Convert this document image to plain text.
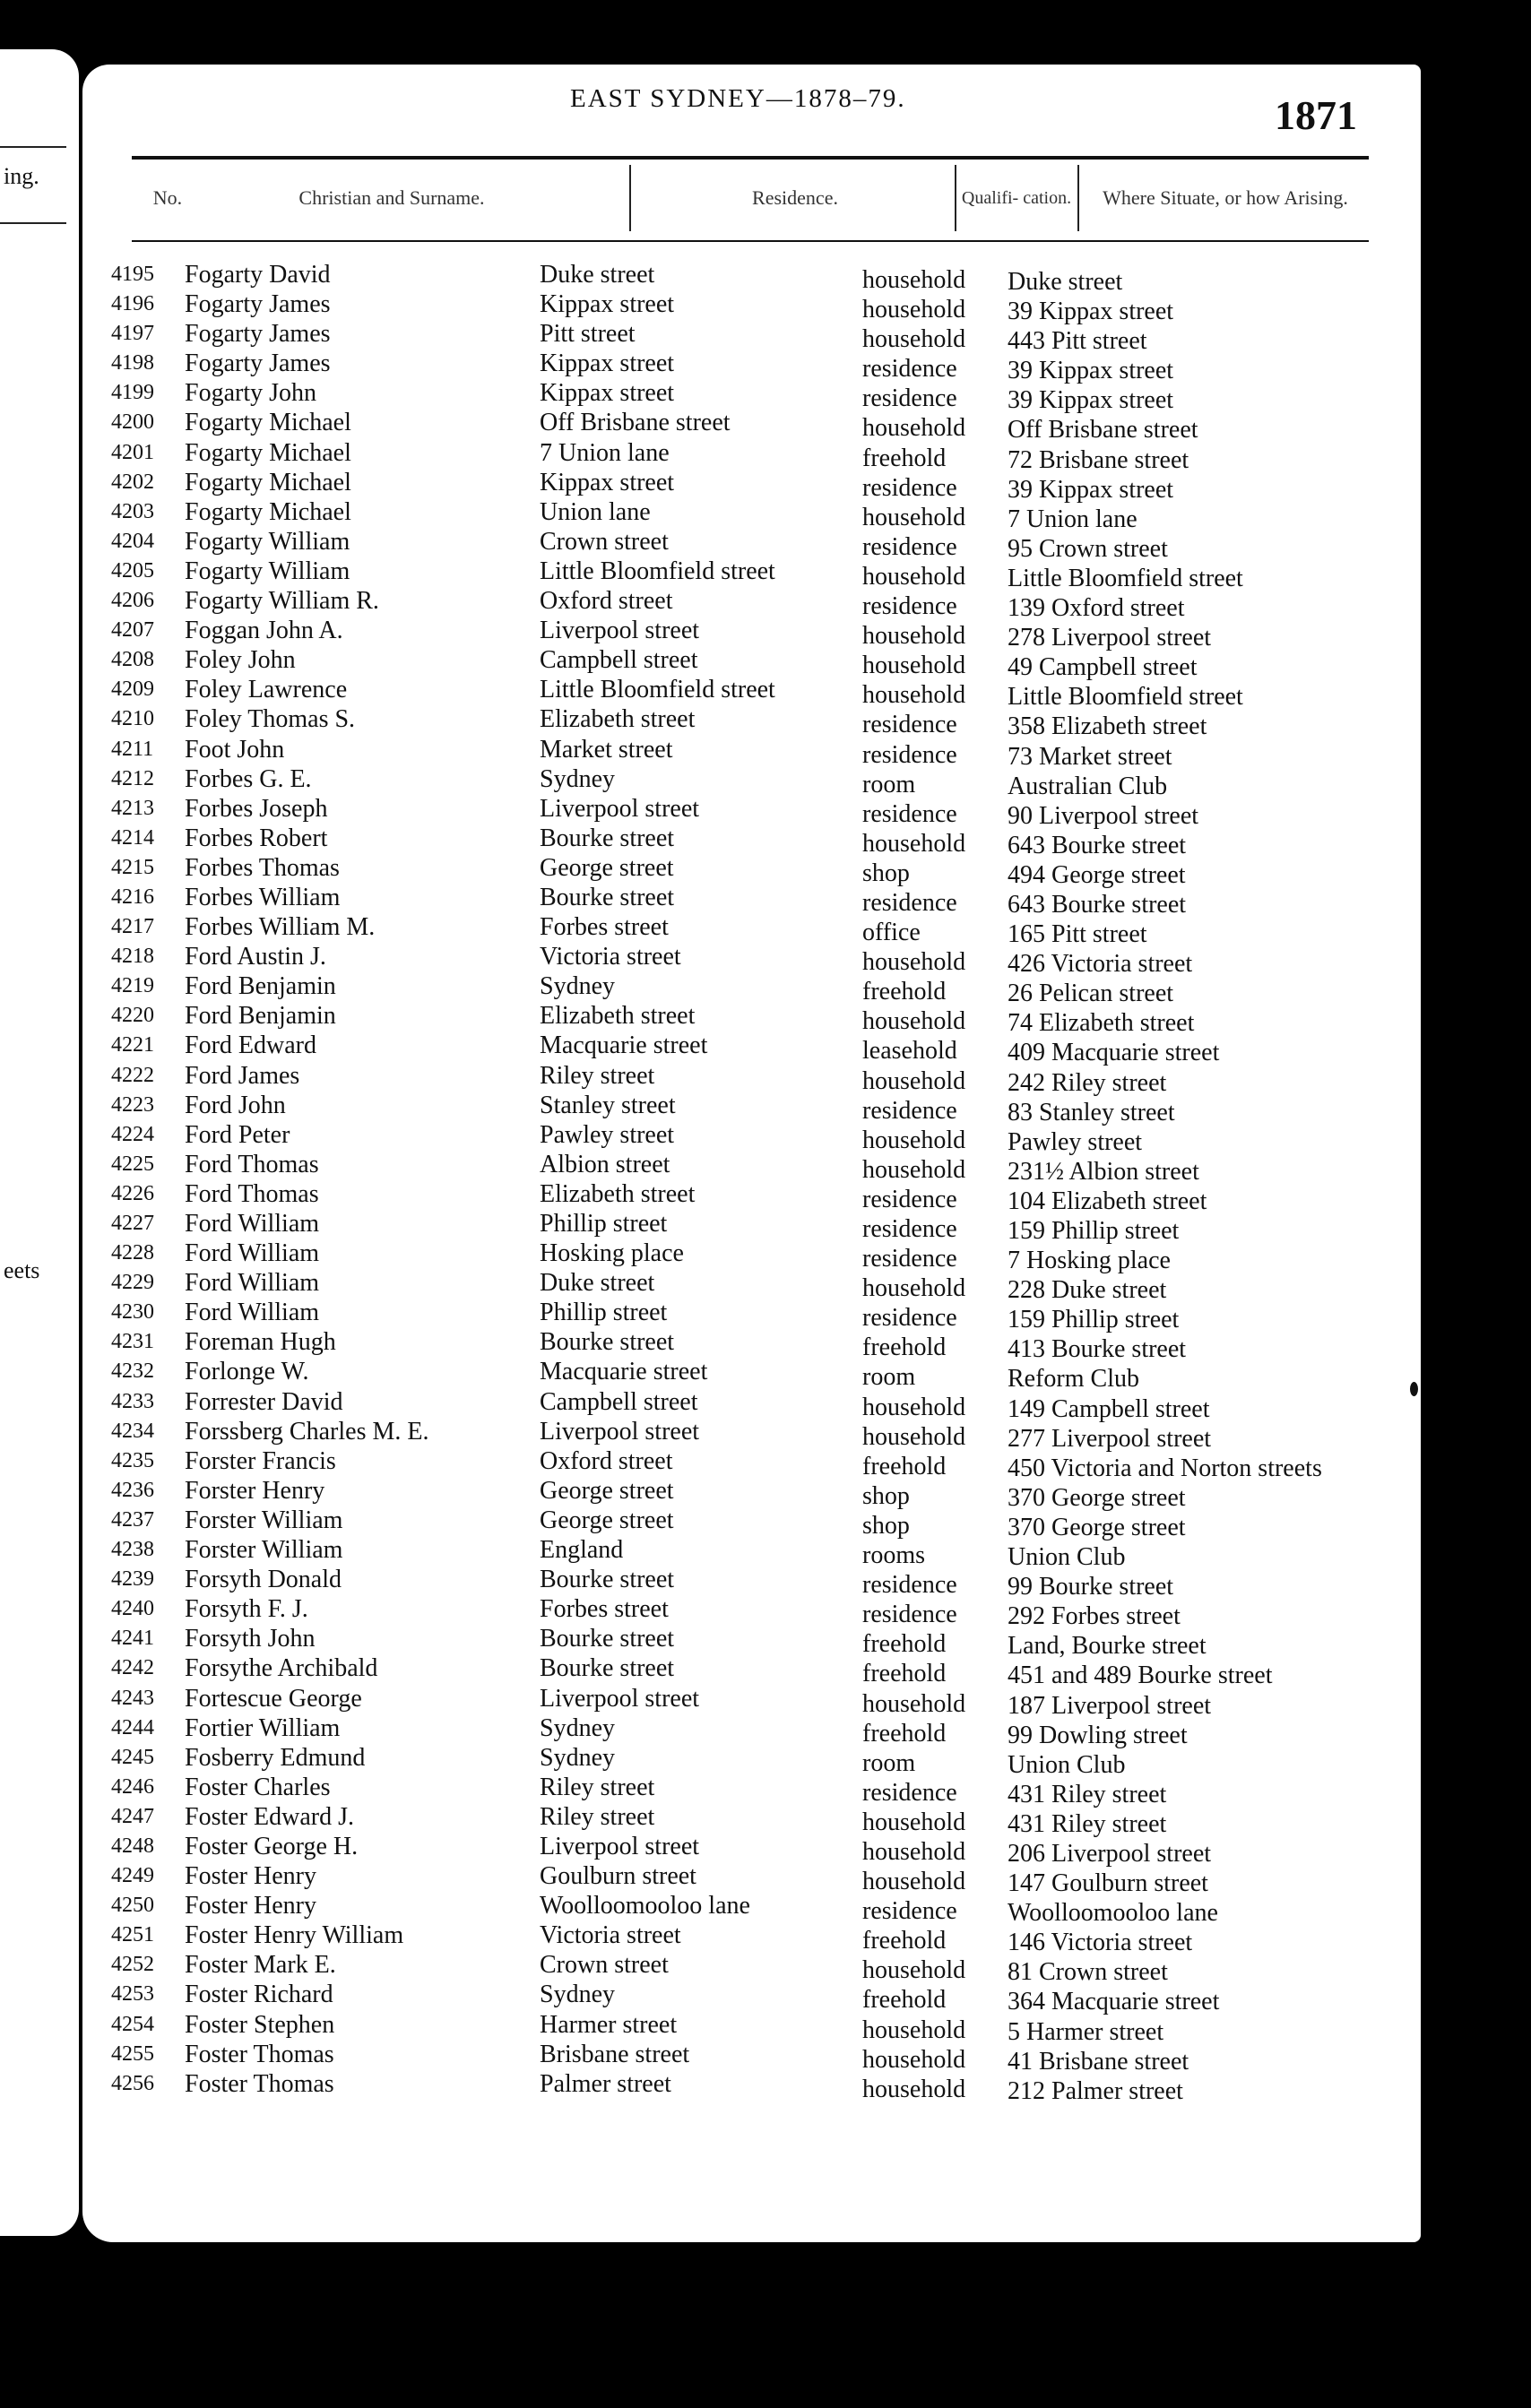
ing.
eets
EAST SYDNEY—1878–79.	1871
No.	Christian and Surname.	Residence.	Qualifi- cation.	Where Situate, or how Arising.
4195	Fogarty David	Duke street	household Duke street
4196	Fogarty James	Kippax street	household 39 Kippax street
4197	Fogarty James	Pitt street	household 443 Pitt street
4198	Fogarty James	Kippax street	residence 39 Kippax street
4199	Fogarty John	Kippax street	residence 39 Kippax street
4200	Fogarty Michael	Off Brisbane street	household Off Brisbane street
4201	Fogarty Michael	7 Union lane	freehold 72 Brisbane street
4202	Fogarty Michael	Kippax street	residence 39 Kippax street
4203	Fogarty Michael	Union lane	household 7 Union lane
4204	Fogarty William	Crown street	residence 95 Crown street
4205	Fogarty William	Little Bloomfield street	household Little Bloomfield street
4206	Fogarty William R.	Oxford street	residence 139 Oxford street
4207	Foggan John A.	Liverpool street	household 278 Liverpool street
4208	Foley John	Campbell street	household 49 Campbell street
4209	Foley Lawrence	Little Bloomfield street	household Little Bloomfield street
4210	Foley Thomas S.	Elizabeth street	residence 358 Elizabeth street
4211	Foot John	Market street	residence 73 Market street
4212	Forbes G. E.	Sydney	room	Australian Club
4213	Forbes Joseph	Liverpool street	residence 90 Liverpool street
4214	Forbes Robert	Bourke street	household 643 Bourke street
4215	Forbes Thomas	George street	shop	494 George street
4216	Forbes William	Bourke street	residence 643 Bourke street
4217	Forbes William M.	Forbes street	office	165 Pitt street
4218	Ford Austin J.	Victoria street	household 426 Victoria street
4219	Ford Benjamin	Sydney	freehold 26 Pelican street
4220	Ford Benjamin	Elizabeth street	household 74 Elizabeth street
4221	Ford Edward	Macquarie street	leasehold 409 Macquarie street
4222	Ford James	Riley street	household 242 Riley street
4223	Ford John	Stanley street	residence 83 Stanley street
4224	Ford Peter	Pawley street	household Pawley street
4225	Ford Thomas	Albion street	household 231½ Albion street
4226	Ford Thomas	Elizabeth street	residence 104 Elizabeth street
4227	Ford William	Phillip street	residence 159 Phillip street
4228	Ford William	Hosking place	residence 7 Hosking place
4229	Ford William	Duke street	household 228 Duke street
4230	Ford William	Phillip street	residence 159 Phillip street
4231	Foreman Hugh	Bourke street	freehold 413 Bourke street
4232	Forlonge W.	Macquarie street	room	Reform Club
4233	Forrester David	Campbell street	household 149 Campbell street
4234	Forssberg Charles M. E.	Liverpool street	household 277 Liverpool street
4235	Forster Francis	Oxford street	freehold 450 Victoria and Norton streets
4236	Forster Henry	George street	shop	370 George street
4237	Forster William	George street	shop	370 George street
4238	Forster William	England	rooms	Union Club
4239	Forsyth Donald	Bourke street	residence 99 Bourke street
4240	Forsyth F. J.	Forbes street	residence 292 Forbes street
4241	Forsyth John	Bourke street	freehold Land, Bourke street
4242	Forsythe Archibald	Bourke street	freehold 451 and 489 Bourke street
4243	Fortescue George	Liverpool street	household 187 Liverpool street
4244	Fortier William	Sydney	freehold 99 Dowling street
4245	Fosberry Edmund	Sydney	room	Union Club
4246	Foster Charles	Riley street	residence 431 Riley street
4247	Foster Edward J.	Riley street	household 431 Riley street
4248	Foster George H.	Liverpool street	household 206 Liverpool street
4249	Foster Henry	Goulburn street	household 147 Goulburn street
4250	Foster Henry	Woolloomooloo lane	residence Woolloomooloo lane
4251	Foster Henry William	Victoria street	freehold 146 Victoria street
4252	Foster Mark E.	Crown street	household 81 Crown street
4253	Foster Richard	Sydney	freehold 364 Macquarie street
4254	Foster Stephen	Harmer street	household 5 Harmer street
4255	Foster Thomas	Brisbane street	household 41 Brisbane street
4256	Foster Thomas	Palmer street	household 212 Palmer street
